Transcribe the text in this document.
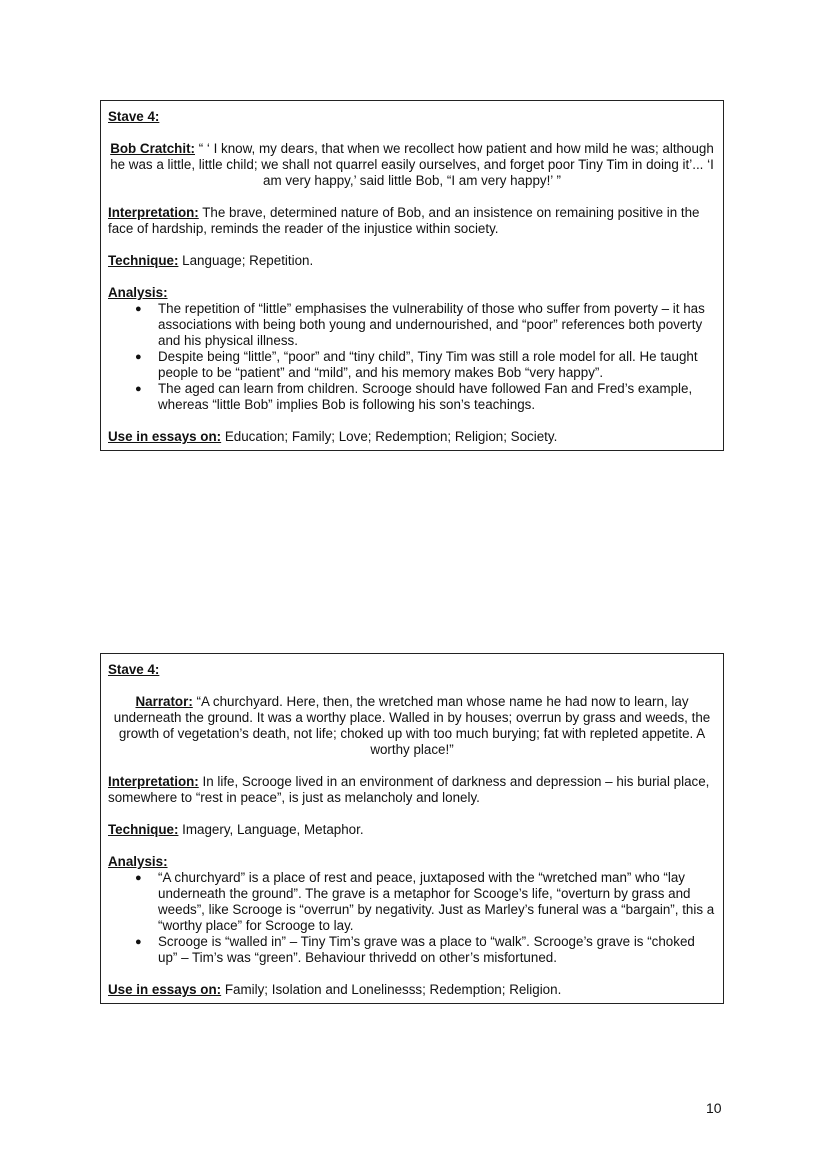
Stave 4:

Bob Cratchit: “ ‘ I know, my dears, that when we recollect how patient and how mild he was; although he was a little, little child; we shall not quarrel easily ourselves, and forget poor Tiny Tim in doing it’... ‘I am very happy,’ said little Bob, “I am very happy!’ ”

Interpretation: The brave, determined nature of Bob, and an insistence on remaining positive in the face of hardship, reminds the reader of the injustice within society.

Technique: Language; Repetition.

Analysis:

● The repetition of “little” emphasises the vulnerability of those who suffer from poverty – it has associations with being both young and undernourished, and “poor” references both poverty and his physical illness.
● Despite being “little”, “poor” and “tiny child”, Tiny Tim was still a role model for all. He taught people to be “patient” and “mild”, and his memory makes Bob “very happy”.
● The aged can learn from children. Scrooge should have followed Fan and Fred’s example, whereas “little Bob” implies Bob is following his son’s teachings.

Use in essays on: Education; Family; Love; Redemption; Religion; Society.

Stave 4:

Narrator: “A churchyard. Here, then, the wretched man whose name he had now to learn, lay underneath the ground. It was a worthy place. Walled in by houses; overrun by grass and weeds, the growth of vegetation’s death, not life; choked up with too much burying; fat with repleted appetite. A worthy place!”

Interpretation: In life, Scrooge lived in an environment of darkness and depression – his burial place, somewhere to “rest in peace”, is just as melancholy and lonely.

Technique: Imagery, Language, Metaphor.

Analysis:

● “A churchyard” is a place of rest and peace, juxtaposed with the “wretched man” who “lay underneath the ground”. The grave is a metaphor for Scooge’s life, “overturn by grass and weeds”, like Scrooge is “overrun” by negativity. Just as Marley’s funeral was a “bargain”, this a “worthy place” for Scrooge to lay.
● Scrooge is “walled in” – Tiny Tim’s grave was a place to “walk”. Scrooge’s grave is “choked up” – Tim’s was “green”. Behaviour thrivedd on other’s misfortuned.

Use in essays on: Family; Isolation and Lonelinesss; Redemption; Religion.

10
